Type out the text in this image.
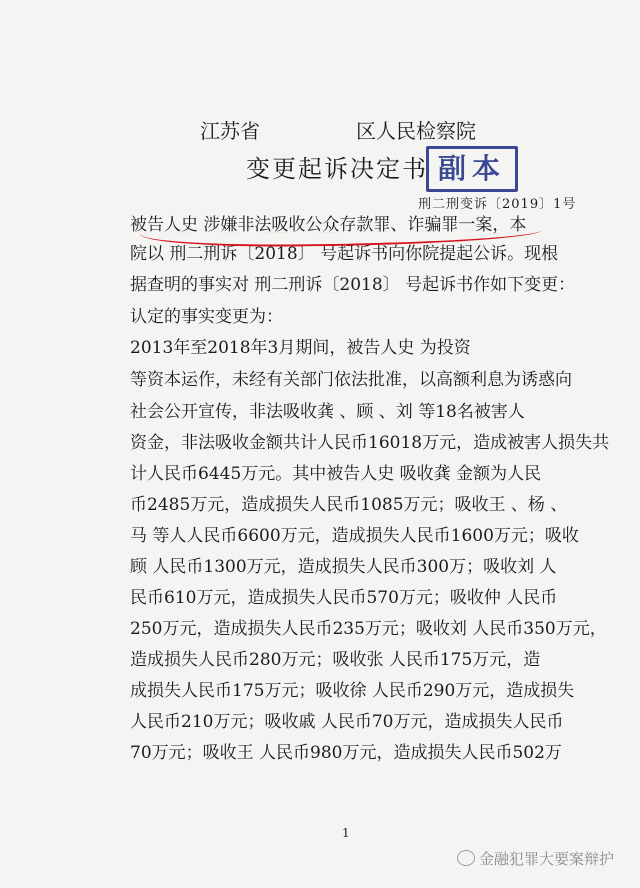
江苏省	区人民检察院
变更起诉决定书 副本
刑二刑变诉〔2019〕1号
被告人史 涉嫌非法吸收公众存款罪、诈骗罪一案，本
院以 刑二刑诉〔2018〕 号起诉书向你院提起公诉。现根
据查明的事实对 刑二刑诉〔2018〕 号起诉书作如下变更：
认定的事实变更为：
2013年至2018年3月期间，被告人史 为投资
等资本运作，未经有关部门依法批准，以高额利息为诱惑向
社会公开宣传，非法吸收龚 、顾 、刘 等18名被害人
资金，非法吸收金额共计人民币16018万元，造成被害人损失共
计人民币6445万元。其中被告人史 吸收龚 金额为人民
币2485万元，造成损失人民币1085万元；吸收王 、杨 、
马 等人人民币6600万元，造成损失人民币1600万元；吸收
顾 人民币1300万元，造成损失人民币300万；吸收刘 人
民币610万元，造成损失人民币570万元；吸收仲 人民币
250万元，造成损失人民币235万元；吸收刘 人民币350万元，
造成损失人民币280万元；吸收张 人民币175万元，造
成损失人民币175万元；吸收徐 人民币290万元，造成损失
人民币210万元；吸收戚 人民币70万元，造成损失人民币
70万元；吸收王 人民币980万元，造成损失人民币502万
1
金融犯罪大要案辩护
